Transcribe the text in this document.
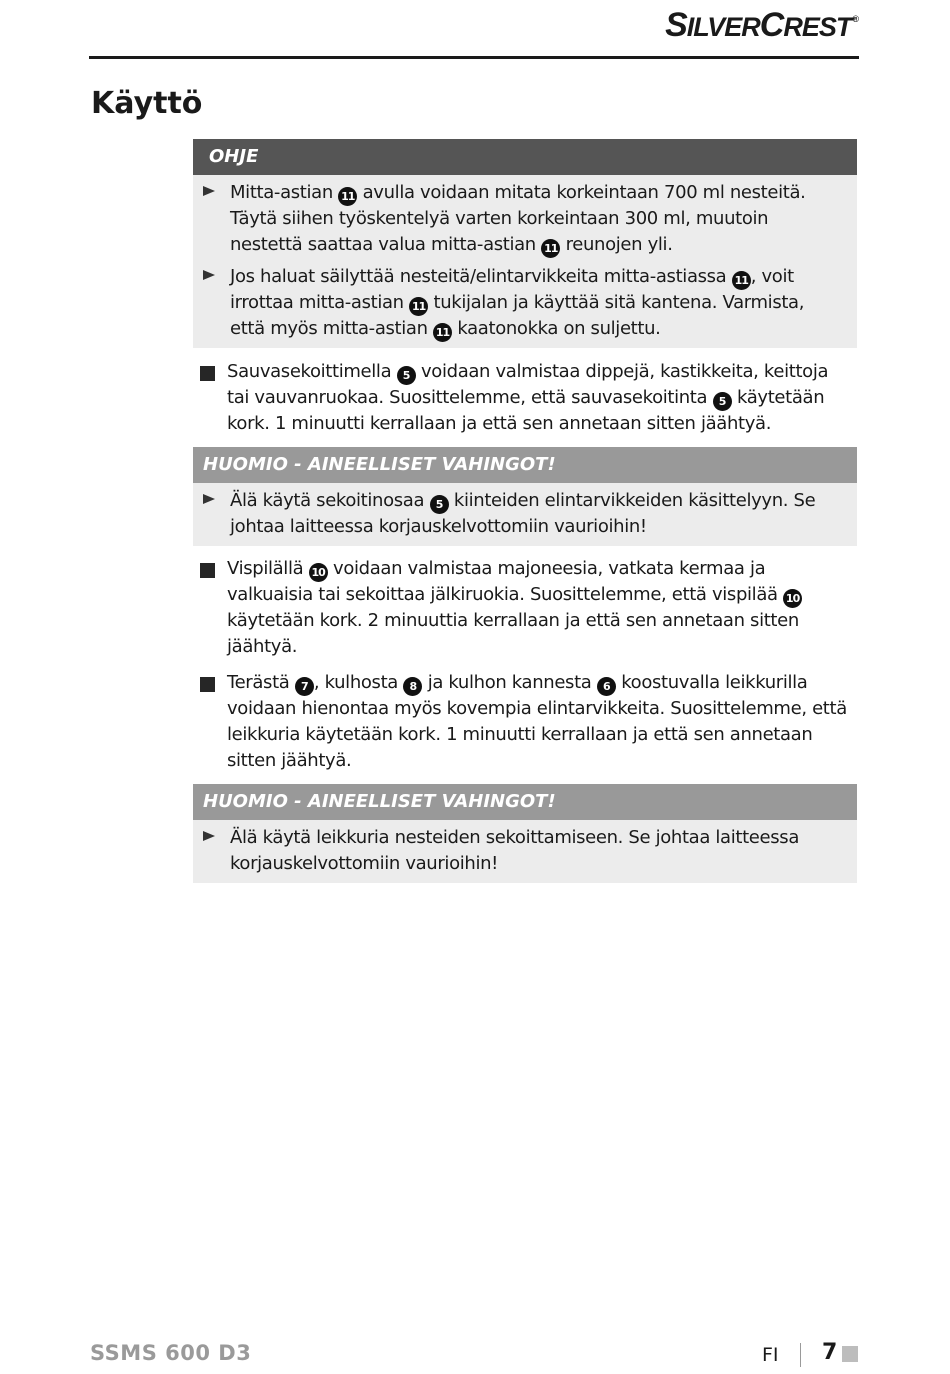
SILVERCREST®
Käyttö
OHJE
Mitta-astian 11 avulla voidaan mitata korkeintaan 700 ml nesteitä. Täytä siihen työskentelyä varten korkeintaan 300 ml, muutoin nestettä saattaa valua mitta-astian 11 reunojen yli.
Jos haluat säilyttää nesteitä/elintarvikkeita mitta-astiassa 11 , voit irrottaa mitta-astian 11 tukijalan ja käyttää sitä kantena. Varmista, että myös mitta-astian 11 kaatonokka on suljettu.
Sauvasekoittimella 5 voidaan valmistaa dippejä, kastikkeita, keittoja tai vauvanruokaa. Suosittelemme, että sauvasekoitinta 5 käytetään kork. 1 minuutti kerrallaan ja että sen annetaan sitten jäähtyä.
HUOMIO - AINEELLISET VAHINGOT!
Älä käytä sekoitinosaa 5 kiinteiden elintarvikkeiden käsittelyyn. Se johtaa laitteessa korjauskelvottomiin vaurioihin!
Vispilällä 10 voidaan valmistaa majoneesia, vatkata kermaa ja valkuaisia tai sekoittaa jälkiruokia. Suosittelemme, että vispilää 10 käytetään kork. 2 minuuttia kerrallaan ja että sen annetaan sitten jäähtyä.
Terästä 7 , kulhosta 8 ja kulhon kannesta 6 koostuvalla leikkurilla voidaan hienontaa myös kovempia elintarvikkeita. Suosittelemme, että leikkuria käytetään kork. 1 minuutti kerrallaan ja että sen annetaan sitten jäähtyä.
HUOMIO - AINEELLISET VAHINGOT!
Älä käytä leikkuria nesteiden sekoittamiseen. Se johtaa laitteessa korjauskelvottomiin vaurioihin!
SSMS 600 D3	FI 7
